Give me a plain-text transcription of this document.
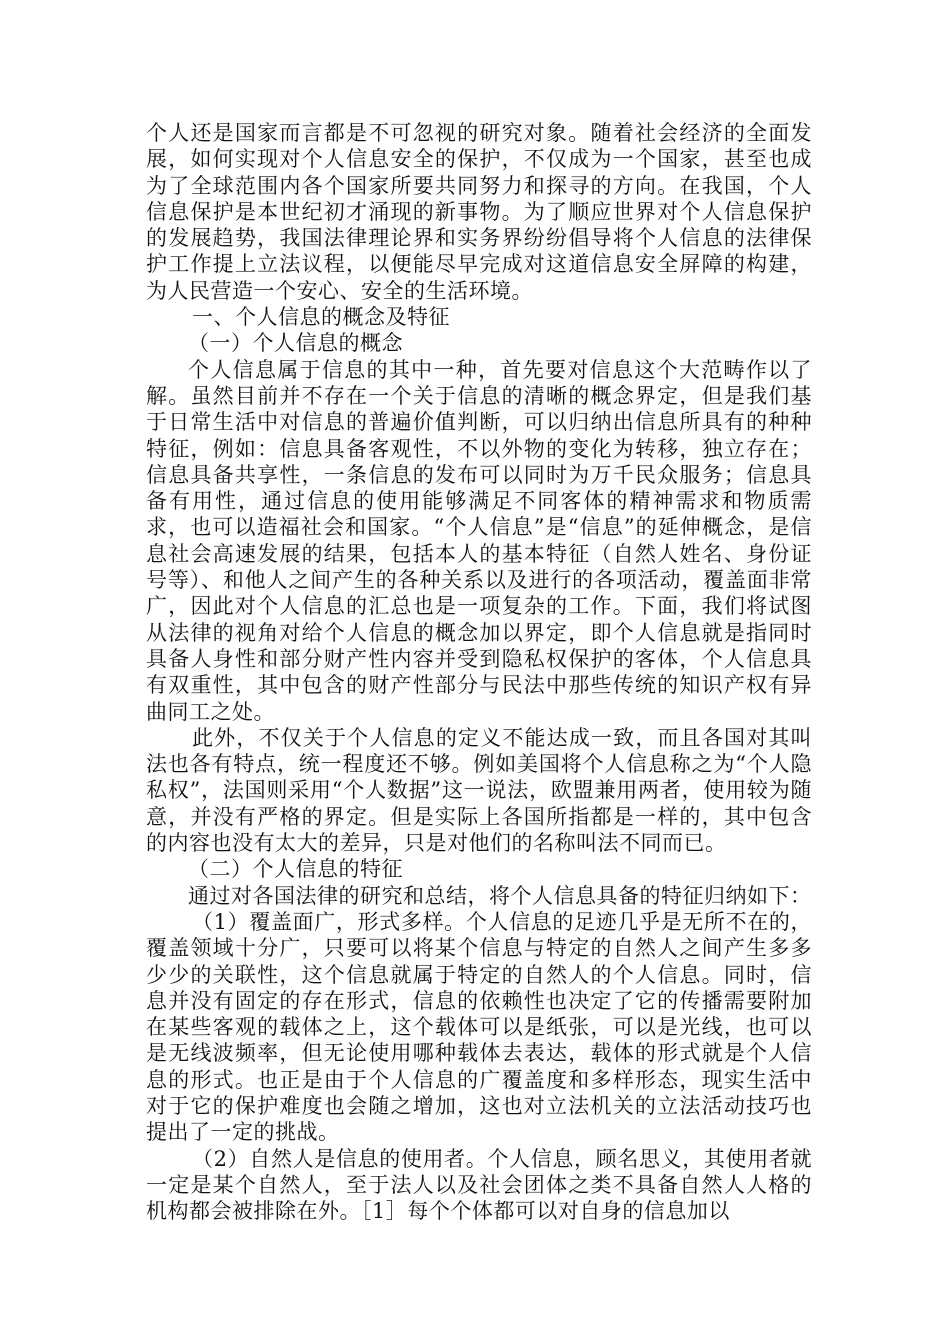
个人还是国家而言都是不可忽视的研究对象。随着社会经济的全面发展，如何实现对个人信息安全的保护，不仅成为一个国家，甚至也成为了全球范围内各个国家所要共同努力和探寻的方向。在我国，个人信息保护是本世纪初才涌现的新事物。为了顺应世界对个人信息保护的发展趋势，我国法律理论界和实务界纷纷倡导将个人信息的法律保护工作提上立法议程，以便能尽早完成对这道信息安全屏障的构建，为人民营造一个安心、安全的生活环境。

一、个人信息的概念及特征

（一）个人信息的概念

个人信息属于信息的其中一种，首先要对信息这个大范畴作以了解。虽然目前并不存在一个关于信息的清晰的概念界定，但是我们基于日常生活中对信息的普遍价值判断，可以归纳出信息所具有的种种特征，例如：信息具备客观性，不以外物的变化为转移，独立存在；信息具备共享性，一条信息的发布可以同时为万千民众服务；信息具备有用性，通过信息的使用能够满足不同客体的精神需求和物质需求，也可以造福社会和国家。“个人信息”是“信息”的延伸概念，是信息社会高速发展的结果，包括本人的基本特征（自然人姓名、身份证号等）、和他人之间产生的各种关系以及进行的各项活动，覆盖面非常广，因此对个人信息的汇总也是一项复杂的工作。下面，我们将试图从法律的视角对给个人信息的概念加以界定，即个人信息就是指同时具备人身性和部分财产性内容并受到隐私权保护的客体，个人信息具有双重性，其中包含的财产性部分与民法中那些传统的知识产权有异曲同工之处。

此外，不仅关于个人信息的定义不能达成一致，而且各国对其叫法也各有特点，统一程度还不够。例如美国将个人信息称之为“个人隐私权”，法国则采用“个人数据”这一说法，欧盟兼用两者，使用较为随意，并没有严格的界定。但是实际上各国所指都是一样的，其中包含的内容也没有太大的差异，只是对他们的名称叫法不同而已。

（二）个人信息的特征

通过对各国法律的研究和总结，将个人信息具备的特征归纳如下：

（1）覆盖面广，形式多样。个人信息的足迹几乎是无所不在的，覆盖领域十分广，只要可以将某个信息与特定的自然人之间产生多多少少的关联性，这个信息就属于特定的自然人的个人信息。同时，信息并没有固定的存在形式，信息的依赖性也决定了它的传播需要附加在某些客观的载体之上，这个载体可以是纸张，可以是光线，也可以是无线波频率，但无论使用哪种载体去表达，载体的形式就是个人信息的形式。也正是由于个人信息的广覆盖度和多样形态，现实生活中对于它的保护难度也会随之增加，这也对立法机关的立法活动技巧也提出了一定的挑战。

（2）自然人是信息的使用者。个人信息，顾名思义，其使用者就一定是某个自然人，至于法人以及社会团体之类不具备自然人人格的机构都会被排除在外。［1］每个个体都可以对自身的信息加以
